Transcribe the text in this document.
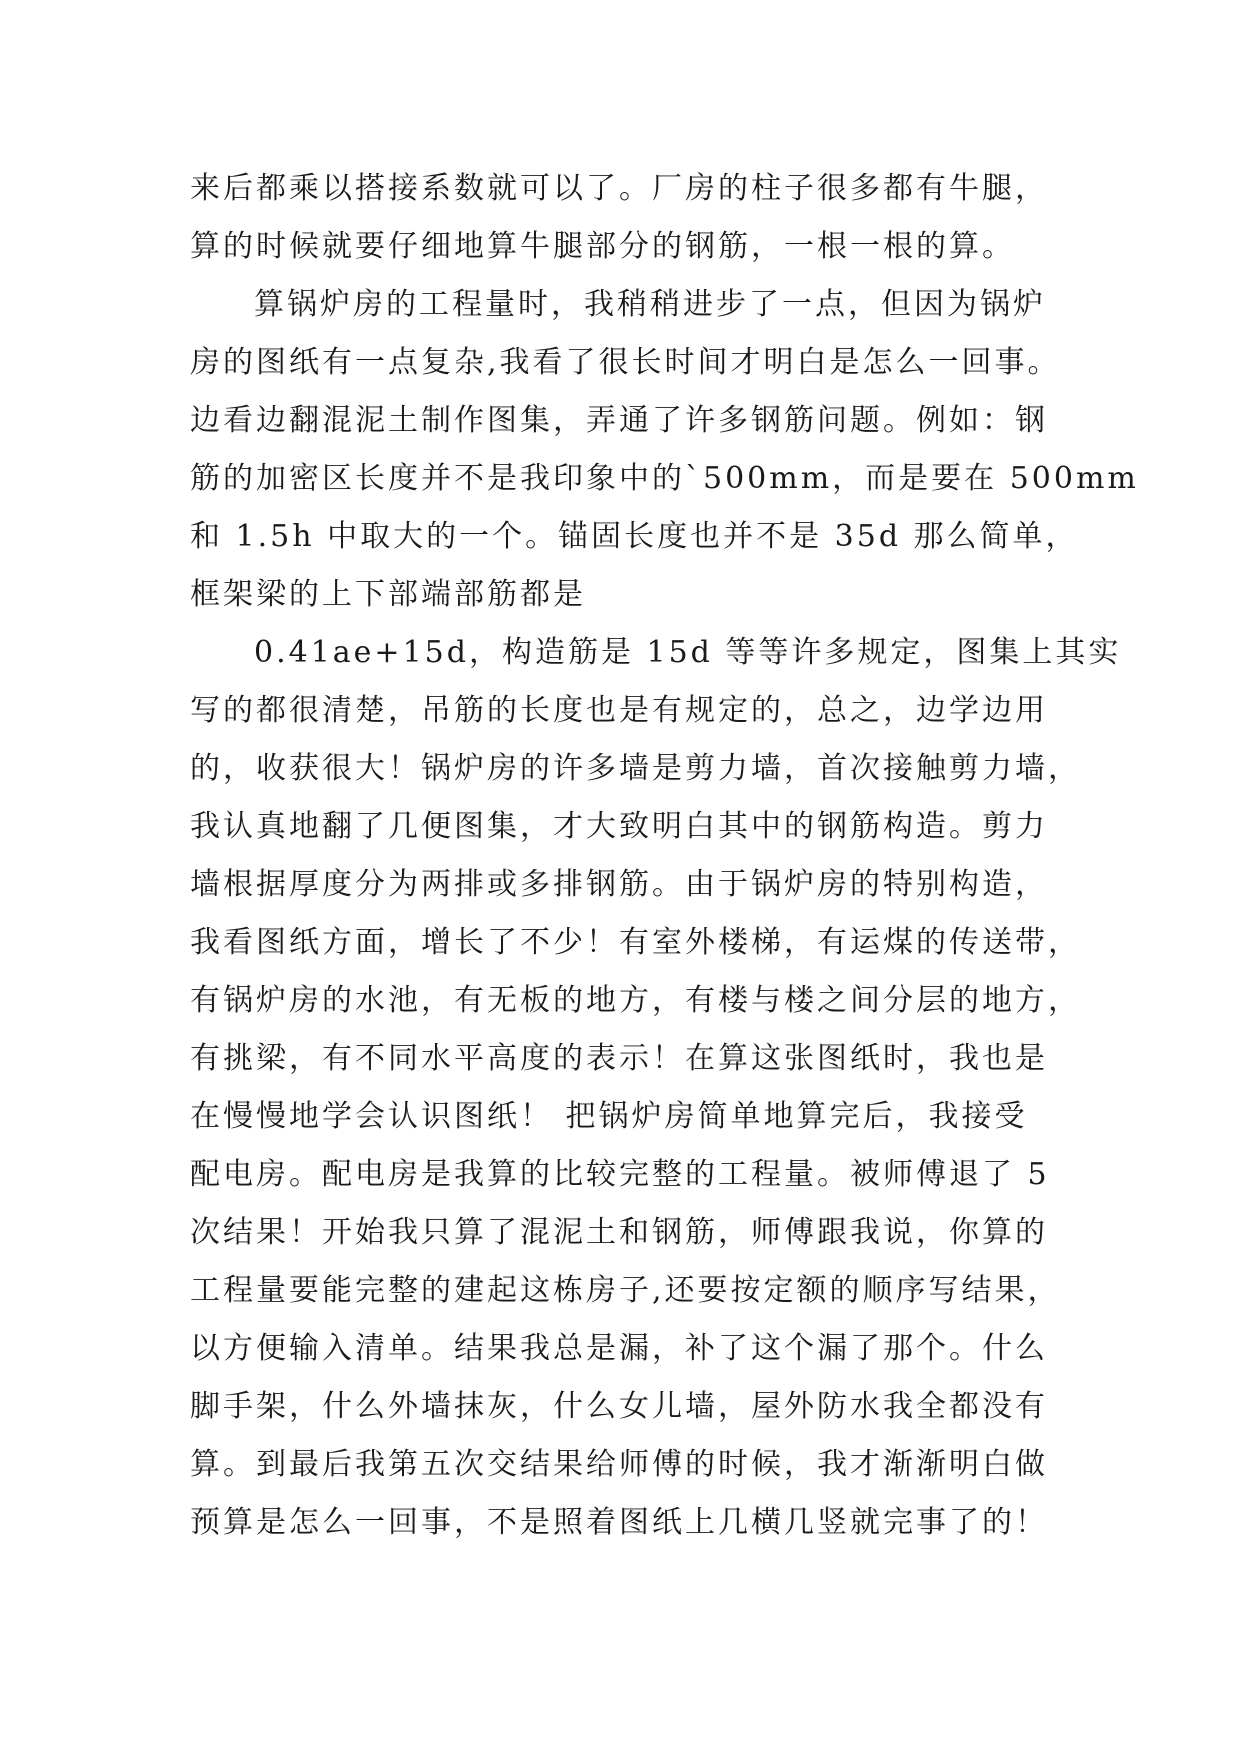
来后都乘以搭接系数就可以了。厂房的柱子很多都有牛腿，
算的时候就要仔细地算牛腿部分的钢筋，一根一根的算。
算锅炉房的工程量时，我稍稍进步了一点，但因为锅炉
房的图纸有一点复杂,我看了很长时间才明白是怎么一回事。
边看边翻混泥土制作图集，弄通了许多钢筋问题。例如：钢
筋的加密区长度并不是我印象中的`500mm，而是要在 500mm
和 1.5h 中取大的一个。锚固长度也并不是 35d 那么简单，
框架梁的上下部端部筋都是
0.41ae+15d，构造筋是 15d 等等许多规定，图集上其实
写的都很清楚，吊筋的长度也是有规定的，总之，边学边用
的，收获很大！锅炉房的许多墙是剪力墙，首次接触剪力墙，
我认真地翻了几便图集，才大致明白其中的钢筋构造。剪力
墙根据厚度分为两排或多排钢筋。由于锅炉房的特别构造，
我看图纸方面，增长了不少！有室外楼梯，有运煤的传送带，
有锅炉房的水池，有无板的地方，有楼与楼之间分层的地方，
有挑梁，有不同水平高度的表示！在算这张图纸时，我也是
在慢慢地学会认识图纸！ 把锅炉房简单地算完后，我接受
配电房。配电房是我算的比较完整的工程量。被师傅退了 5
次结果！开始我只算了混泥土和钢筋，师傅跟我说，你算的
工程量要能完整的建起这栋房子,还要按定额的顺序写结果，
以方便输入清单。结果我总是漏，补了这个漏了那个。什么
脚手架，什么外墙抹灰，什么女儿墙，屋外防水我全都没有
算。到最后我第五次交结果给师傅的时候，我才渐渐明白做
预算是怎么一回事，不是照着图纸上几横几竖就完事了的！
